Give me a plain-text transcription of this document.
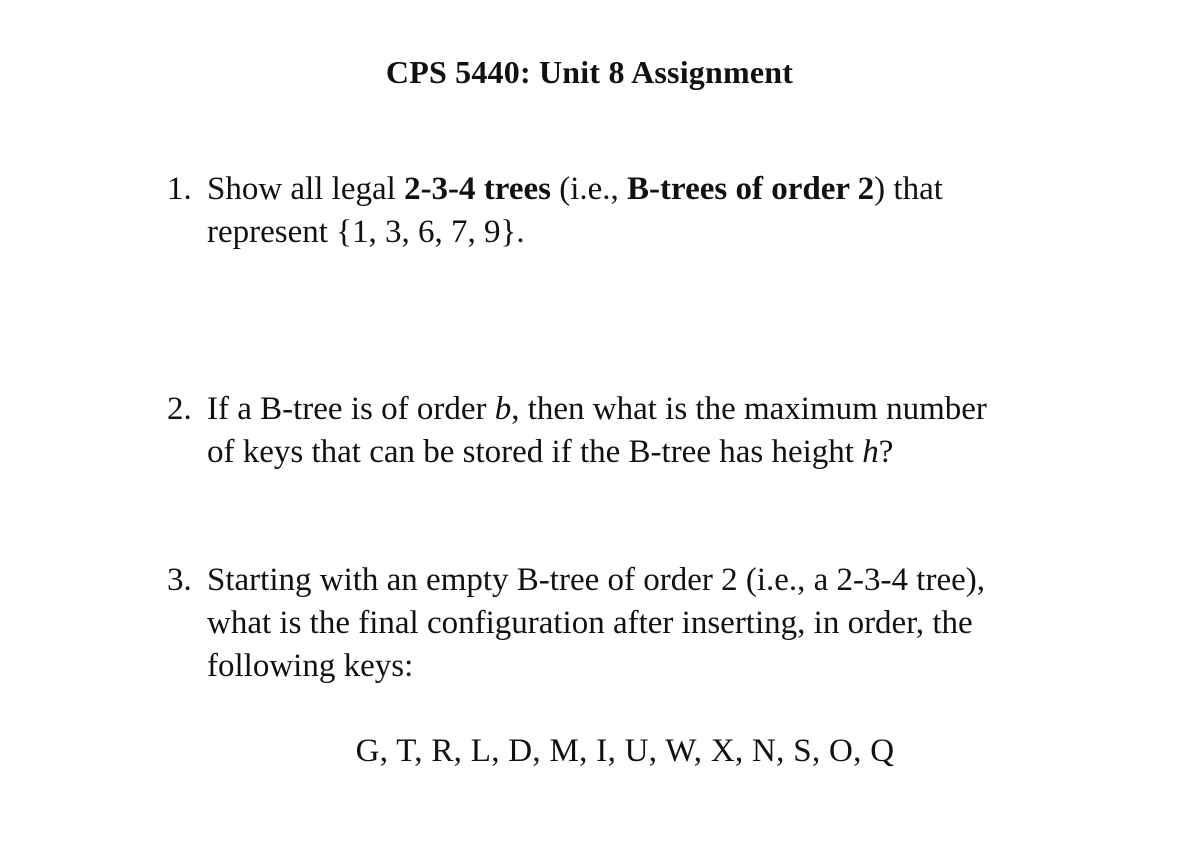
CPS 5440: Unit 8 Assignment
1. Show all legal 2-3-4 trees (i.e., B-trees of order 2) that
represent {1, 3, 6, 7, 9}.
2. If a B-tree is of order b, then what is the maximum number
of keys that can be stored if the B-tree has height h?
3. Starting with an empty B-tree of order 2 (i.e., a 2-3-4 tree),
what is the final configuration after inserting, in order, the
following keys:
G, T, R, L, D, M, I, U, W, X, N, S, O, Q
